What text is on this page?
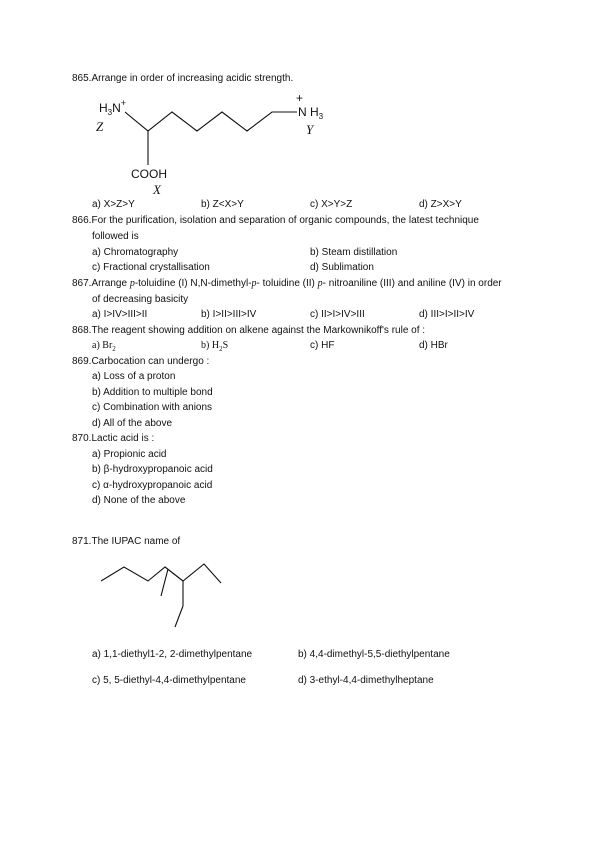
865.Arrange in order of increasing acidic strength.
$H_3N^+$
Z
+
N $H_3$
Y
COOH
X
a) X>Z>Y	b) Z<X>Y	c) X>Y>Z	d) Z>X>Y
866.For the purification, isolation and separation of organic compounds, the latest technique
followed is
a) Chromatography	b) Steam distillation
c) Fractional crystallisation	d) Sublimation
867.Arrange p-toluidine (I) N,N-dimethyl-p- toluidine (II) p- nitroaniline (III) and aniline (IV) in order
of decreasing basicity
a) I>IV>III>II	b) I>II>III>IV	c) II>I>IV>III	d) III>I>II>IV
868.The reagent showing addition on alkene against the Markownikoff's rule of :
a) $Br_2$	b) $H_2S$	c) HF	d) HBr
869.Carbocation can undergo :
a) Loss of a proton
b) Addition to multiple bond
c) Combination with anions
d) All of the above
870.Lactic acid is :
a) Propionic acid
b) β-hydroxypropanoic acid
c) α-hydroxypropanoic acid
d) None of the above
871.The IUPAC name of
a) 1,1-diethyl1-2, 2-dimethylpentane	b) 4,4-dimethyl-5,5-diethylpentane
c) 5, 5-diethyl-4,4-dimethylpentane	d) 3-ethyl-4,4-dimethylheptane
